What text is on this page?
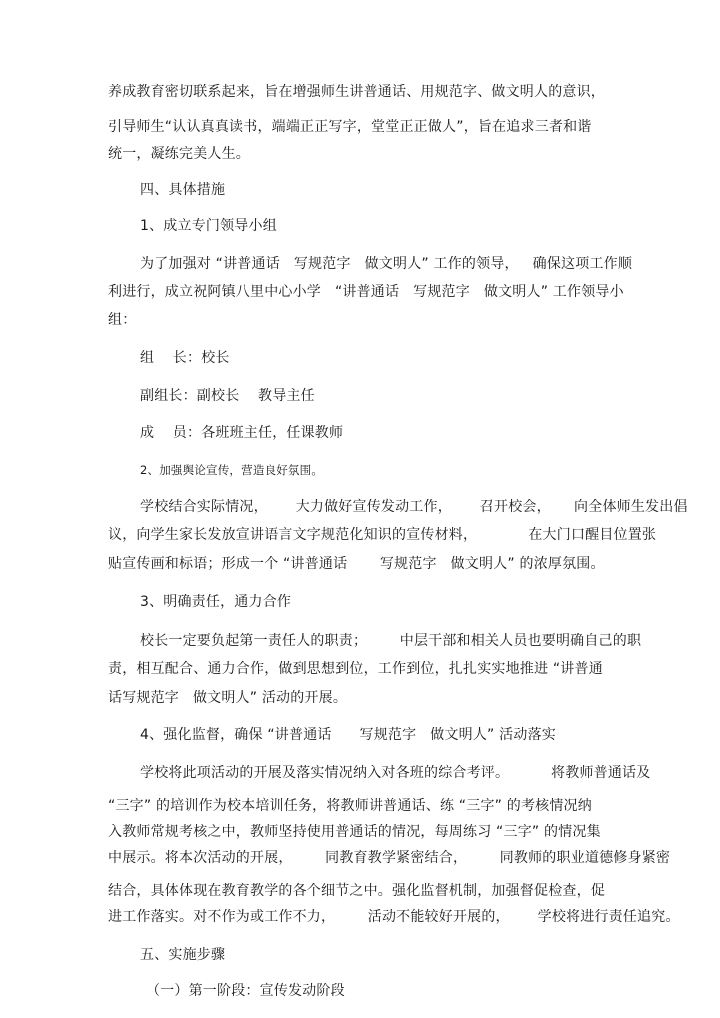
养成教育密切联系起来，旨在增强师生讲普通话、用规范字、做文明人的意识，
引导师生“认认真真读书，端端正正写字，堂堂正正做人”，旨在追求三者和谐
统一，凝练完美人生。
四、具体措施
1、成立专门领导小组
为了加强对 “讲普通话   写规范字   做文明人” 工作的领导，   确保这项工作顺
利进行，成立祝阿镇八里中心小学   “讲普通话   写规范字   做文明人” 工作领导小
组：
组    长：校长
副组长：副校长    教导主任
成    员：各班班主任，任课教师
2、加强舆论宣传，营造良好氛围。
学校结合实际情况，      大力做好宣传发动工作，      召开校会，     向全体师生发出倡
议，向学生家长发放宣讲语言文字规范化知识的宣传材料，           在大门口醒目位置张
贴宣传画和标语；形成一个 “讲普通话       写规范字   做文明人” 的浓厚氛围。
3、明确责任，通力合作
校长一定要负起第一责任人的职责；       中层干部和相关人员也要明确自己的职
责，相互配合、通力合作，做到思想到位，工作到位，扎扎实实地推进 “讲普通
话写规范字   做文明人” 活动的开展。
4、强化监督，确保 “讲普通话      写规范字   做文明人” 活动落实
学校将此项活动的开展及落实情况纳入对各班的综合考评。         将教师普通话及
“三字” 的培训作为校本培训任务，将教师讲普通话、练 “三字” 的考核情况纳
入教师常规考核之中，教师坚持使用普通话的情况，每周练习 “三字” 的情况集
中展示。将本次活动的开展，       同教育教学紧密结合，       同教师的职业道德修身紧密
结合，具体体现在教育教学的各个细节之中。强化监督机制，加强督促检查，促
进工作落实。对不作为或工作不力，       活动不能较好开展的，      学校将进行责任追究。
五、实施步骤
（一）第一阶段：宣传发动阶段
